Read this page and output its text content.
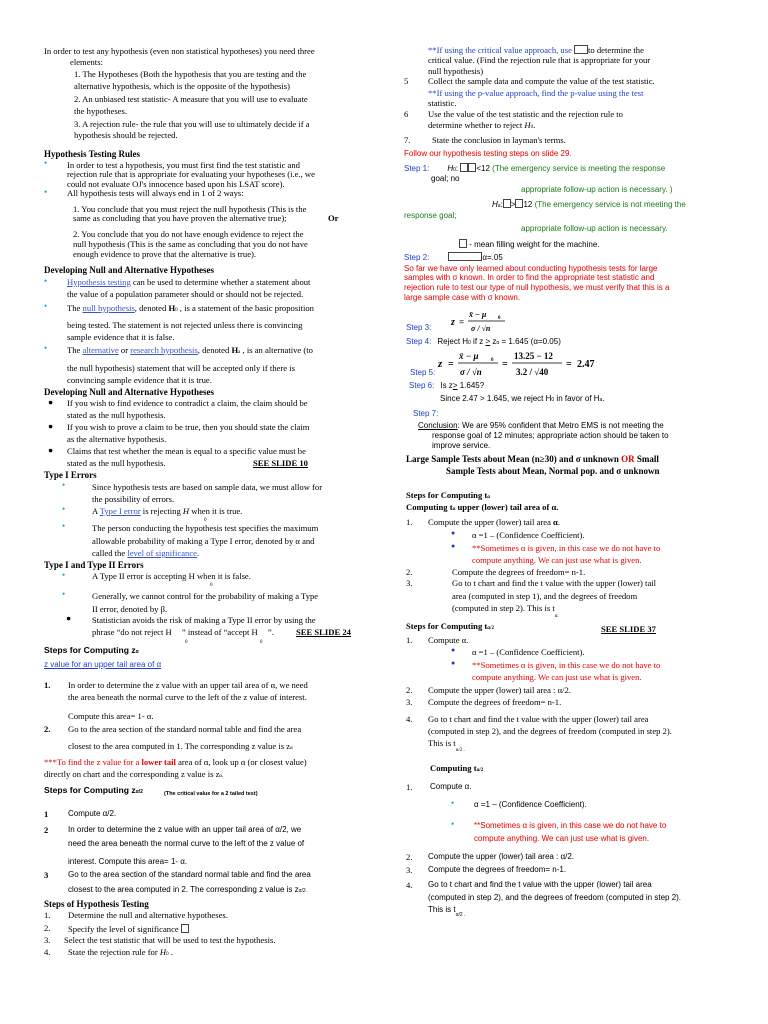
In order to test any hypothesis (even non statistical hypotheses) you need three
elements:
1. The Hypotheses (Both the hypothesis that you are testing and the
alternative hypothesis, which is the opposite of the hypothesis)
2. An unbiased test statistic- A measure that you will use to evaluate
the hypotheses.
3. A rejection rule- the rule that you will use to ultimately decide if a
hypothesis should be rejected.
Hypothesis Testing Rules
• In order to test a hypothesis, you must first find the test statistic and
rejection rule that is appropriate for evaluating your hypotheses (i.e., we
could not evaluate OJ's innocence based upon his LSAT score).
• All hypothesis tests will always end in 1 of 2 ways:
1. You conclude that you must reject the null hypothesis (This is the
same as concluding that you have proven the alternative true);	Or
2. You conclude that you do not have enough evidence to reject the
null hypothesis (This is the same as concluding that you do not have
enough evidence to prove that the alternative is true).
Developing Null and Alternative Hypotheses
• Hypothesis testing can be used to determine whether a statement about
the value of a population parameter should or should not be rejected.
• The null hypothesis, denoted H0 , is a statement of the basic proposition
being tested. The statement is not rejected unless there is convincing
sample evidence that it is false.
• The alternative or research hypothesis, denoted Ha , is an alternative (to
the null hypothesis) statement that will be accepted only if there is
convincing sample evidence that it is true.
Developing Null and Alternative Hypotheses
● If you wish to find evidence to contradict a claim, the claim should be
stated as the null hypothesis.
● If you wish to prove a claim to be true, then you should state the claim
as the alternative hypothesis.
● Claims that test whether the mean is equal to a specific value must be
stated as the null hypothesis.	SEE SLIDE 10
Type I Errors
•	Since hypothesis tests are based on sample data, we must allow for
the possibility of errors.
•	A Type I error is rejecting H when it is true.
0
•	The person conducting the hypothesis test specifies the maximum
allowable probability of making a Type I error, denoted by α and
called the level of significance.
Type I and Type II Errors
•	A Type II error is accepting H when it is false.
0
•	Generally, we cannot control for the probability of making a Type
II error, denoted by β.
● Statistician avoids the risk of making a Type II error by using the
phrase “do not reject H ” instead of “accept H ”.
0	0
SEE SLIDE 24
Steps for Computing zα
z value for an upper tail area of α
1. In order to determine the z value with an upper tail area of α, we need
the area beneath the normal curve to the left of the z value of interest.
Compute this area= 1- α.
2. Go to the area section of the standard normal table and find the area
closest to the area computed in 1. The corresponding z value is zα
***To find the z value for a lower tail area of α, look up α (or closest value)
directly on chart and the corresponding z value is zα.
Steps for Computing zα/2	(The critical value for a 2 tailed test)
1 Compute α/2.
2 In order to determine the z value with an upper tail area of α/2, we
need the area beneath the normal curve to the left of the z value of
interest. Compute this area= 1- α.
3 Go to the area section of the standard normal table and find the area
closest to the area computed in 2. The corresponding z value is zα/2.
Steps of Hypothesis Testing
1. Determine the null and alternative hypotheses.
2. Specify the level of significance
3. Select the test statistic that will be used to test the hypothesis.
4. State the rejection rule for H0 .
**If using the critical value approach, use to determine the
critical value. (Find the rejection rule that is appropriate for your
null hypothesis)
5 Collect the sample data and compute the value of the test statistic.
**If using the p-value approach, find the p-value using the test
statistic.
6 Use the value of the test statistic and the rejection rule to
determine whether to reject H0.
7.	State the conclusion in layman's terms.
Follow our hypothesis testing steps on slide 29.
Step 1: H0: <12 (The emergency service is meeting the response
goal; no
appropriate follow-up action is necessary. )
Ha: > 12 (The emergency service is not meeting the
response goal;
appropriate follow-up action is necessary.
- mean filling weight for the machine.
Step 2:	α=.05
So far we have only learned about conducting hypothesis tests for large
samples with σ known. In order to find the appropriate test statistic and
rejection rule to test our type of null hypothesis, we must verify that this is a
large sample case with σ known.
Step 3: z =
x̄ − μ 0
σ / √n
Step 4: Reject H0 if z > zα = 1.645 (α=0.05)
z =
x̄ − μ	0
σ / √n
=
13.25 − 12
3.2 / √40
= 2.47
Step 5:
Step 6: Is z> 1.645?
Since 2.47 > 1.645, we reject H0 in favor of Ha.
Step 7:
Conclusion: We are 95% confident that Metro EMS is not meeting the
response goal of 12 minutes; appropriate action should be taken to
improve service.
Large Sample Tests about Mean (n≥30) and σ unknown OR Small
Sample Tests about Mean, Normal pop. and σ unknown
Steps for Computing tα
Computing tα upper (lower) tail area of α.
1. Compute the upper (lower) tail area α.
● α =1 – (Confidence Coefficient).
● **Sometimes α is given, in this case we do not have to
compute anything. We can just use what is given.
2.	Compute the degrees of freedom= n-1.
3.	Go to t chart and find the t value with the upper (lower) tail
area (computed in step 1), and the degrees of freedom
(computed in step 2). This is $t_{\alpha.}$
Steps for Computing tα/2	SEE SLIDE 37
1. Compute α.
● α =1 – (Confidence Coefficient).
● **Sometimes α is given, in this case we do not have to
compute anything. We can just use what is given.
2. Compute the upper (lower) tail area : α/2.
3. Compute the degrees of freedom= n-1.
4. Go to t chart and find the t value with the upper (lower) tail area
(computed in step 2), and the degrees of freedom (computed in step 2).
This is $t_{\alpha/2 .}$
Computing tα/2
1. Compute α.
• α =1 – (Confidence Coefficient).
• **Sometimes α is given, in this case we do not have to
compute anything. We can just use what is given.
2. Compute the upper (lower) tail area : α/2.
3. Compute the degrees of freedom= n-1.
4. Go to t chart and find the t value with the upper (lower) tail area
(computed in step 2), and the degrees of freedom (computed in step 2).
This is $t_{\alpha/2 .}$
